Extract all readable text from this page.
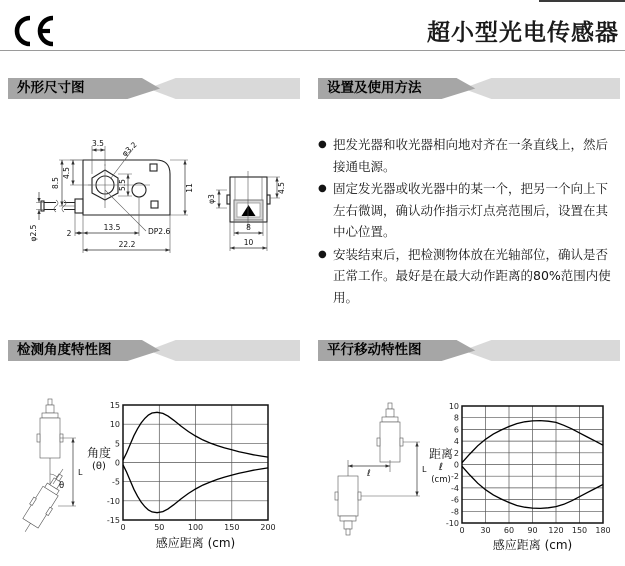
超小型光电传感器
外形尺寸图	设置及使用方法
检测角度特性图	平行移动特性图
3.5 φ3.2
4.5
8.5
φ2.5
5.5	11
DP2.6
2
13.5
22.2
4.5
φ3
8
10
● 把发光器和收光器相向地对齐在一条直线上，然后接通电源。
● 固定发光器或收光器中的某一个，把另一个向上下左右微调，确认动作指示灯点亮范围后，设置在其中心位置。
● 安装结束后，把检测物体放在光轴部位，确认是否正常工作。最好是在最大动作距离的80%范围内使用。
θ
L
0	50	100	150	200
-15
-10
-5
0
5
10
15
角度
(θ)
感应距离 (cm)
ℓ	L
0 30 60 90 120 150 180
-10
-8
-6
-4
-2
0
2
4
6
8
10
距离
ℓ
(cm)
感应距离 (cm)
